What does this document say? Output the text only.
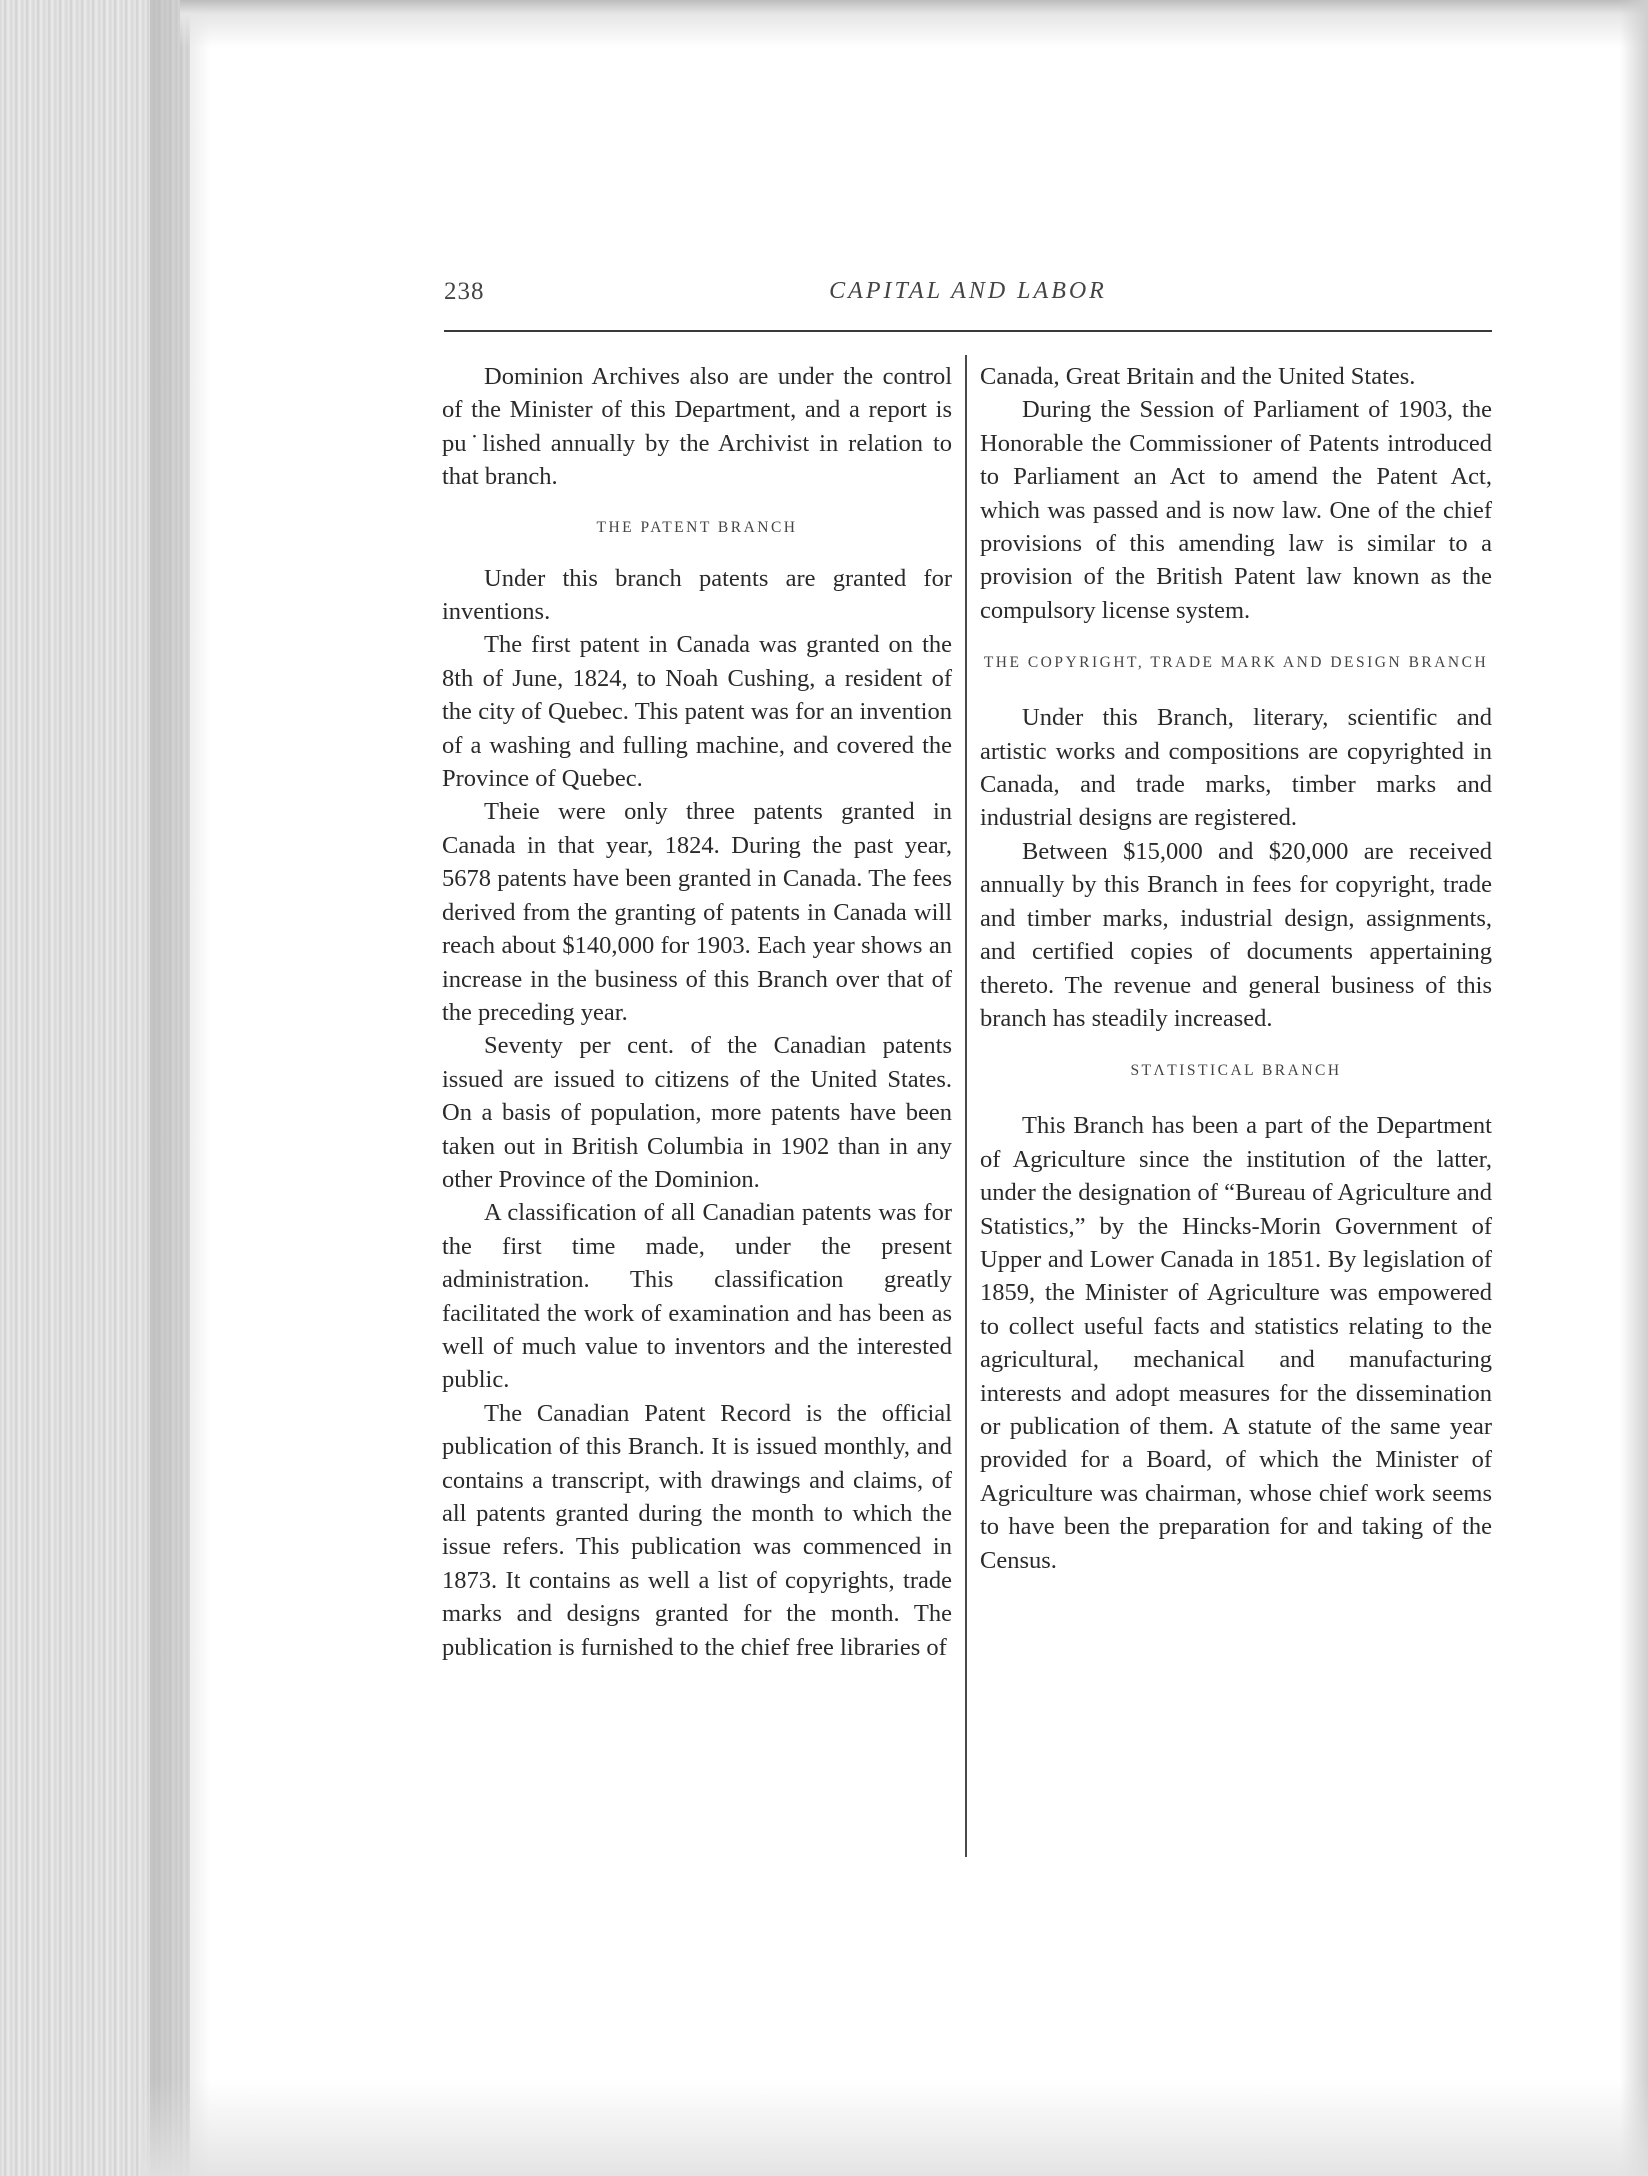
238	CAPITAL AND LABOR

Dominion Archives also are under the control of the Minister of this Department, and a report is pu˙lished annually by the Archivist in relation to that branch.

THE PATENT BRANCH

Under this branch patents are granted for inventions.

The first patent in Canada was granted on the 8th of June, 1824, to Noah Cushing, a resident of the city of Quebec. This patent was for an invention of a washing and fulling machine, and covered the Province of Quebec.

Theie were only three patents granted in Canada in that year, 1824. During the past year, 5678 patents have been granted in Canada. The fees derived from the granting of patents in Canada will reach about $140,000 for 1903. Each year shows an increase in the business of this Branch over that of the preceding year.

Seventy per cent. of the Canadian patents issued are issued to citizens of the United States. On a basis of population, more patents have been taken out in British Columbia in 1902 than in any other Province of the Dominion.

A classification of all Canadian patents was for the first time made, under the present administration. This classification greatly facilitated the work of examination and has been as well of much value to inventors and the interested public.

The Canadian Patent Record is the official publication of this Branch. It is issued monthly, and contains a transcript, with drawings and claims, of all patents granted during the month to which the issue refers. This publication was commenced in 1873. It contains as well a list of copyrights, trade marks and designs granted for the month. The publication is furnished to the chief free libraries of

Canada, Great Britain and the United States.

During the Session of Parliament of 1903, the Honorable the Commissioner of Patents introduced to Parliament an Act to amend the Patent Act, which was passed and is now law. One of the chief provisions of this amending law is similar to a provision of the British Patent law known as the compulsory license system.

THE COPYRIGHT, TRADE MARK AND DESIGN BRANCH

Under this Branch, literary, scientific and artistic works and compositions are copyrighted in Canada, and trade marks, timber marks and industrial designs are registered.

Between $15,000 and $20,000 are received annually by this Branch in fees for copyright, trade and timber marks, industrial design, assignments, and certified copies of documents appertaining thereto. The revenue and general business of this branch has steadily increased.

STΛTISTICAL BRANCH

This Branch has been a part of the Department of Agriculture since the institution of the latter, under the designation of “Bureau of Agriculture and Statistics,” by the Hincks-Morin Government of Upper and Lower Canada in 1851. By legislation of 1859, the Minister of Agriculture was empowered to collect useful facts and statistics relating to the agricultural, mechanical and manufacturing interests and adopt measures for the dissemination or publication of them. A statute of the same year provided for a Board, of which the Minister of Agriculture was chairman, whose chief work seems to have been the preparation for and taking of the Census.
